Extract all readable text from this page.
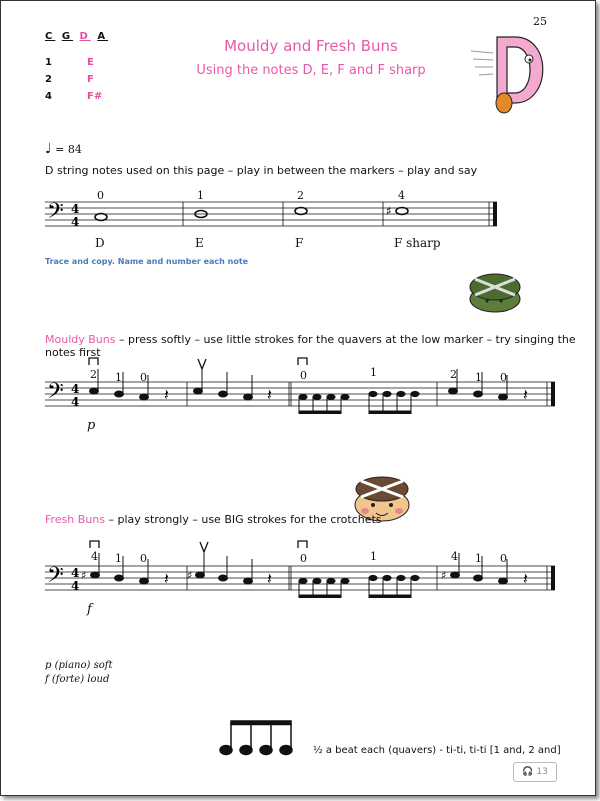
25
C G D A
1	E
2	F
4	F#
Mouldy and Fresh Buns
Using the notes D, E, F and F sharp
♩ = 84
D string notes used on this page – play in between the markers – play and say
𝄢 4
4
♯
0	1	2	4
D	E	F	F sharp
Trace and copy. Name and number each note
Mouldy Buns – press softly – use little strokes for the quavers at the low marker – try singing the notes first
𝄢 4
4	𝄽	𝄽	𝄽
2 1 0	0	1	2 1 0
p
Fresh Buns – play strongly – use BIG strokes for the crotchets
𝄢 4
4
♯	♯	♯
𝄽	𝄽	𝄽
4 1 0	0	1	4 1 0
f
p (piano) soft
f (forte) loud
½ a beat each (quavers) - ti-ti, ti-ti [1 and, 2 and]
🎧 13
